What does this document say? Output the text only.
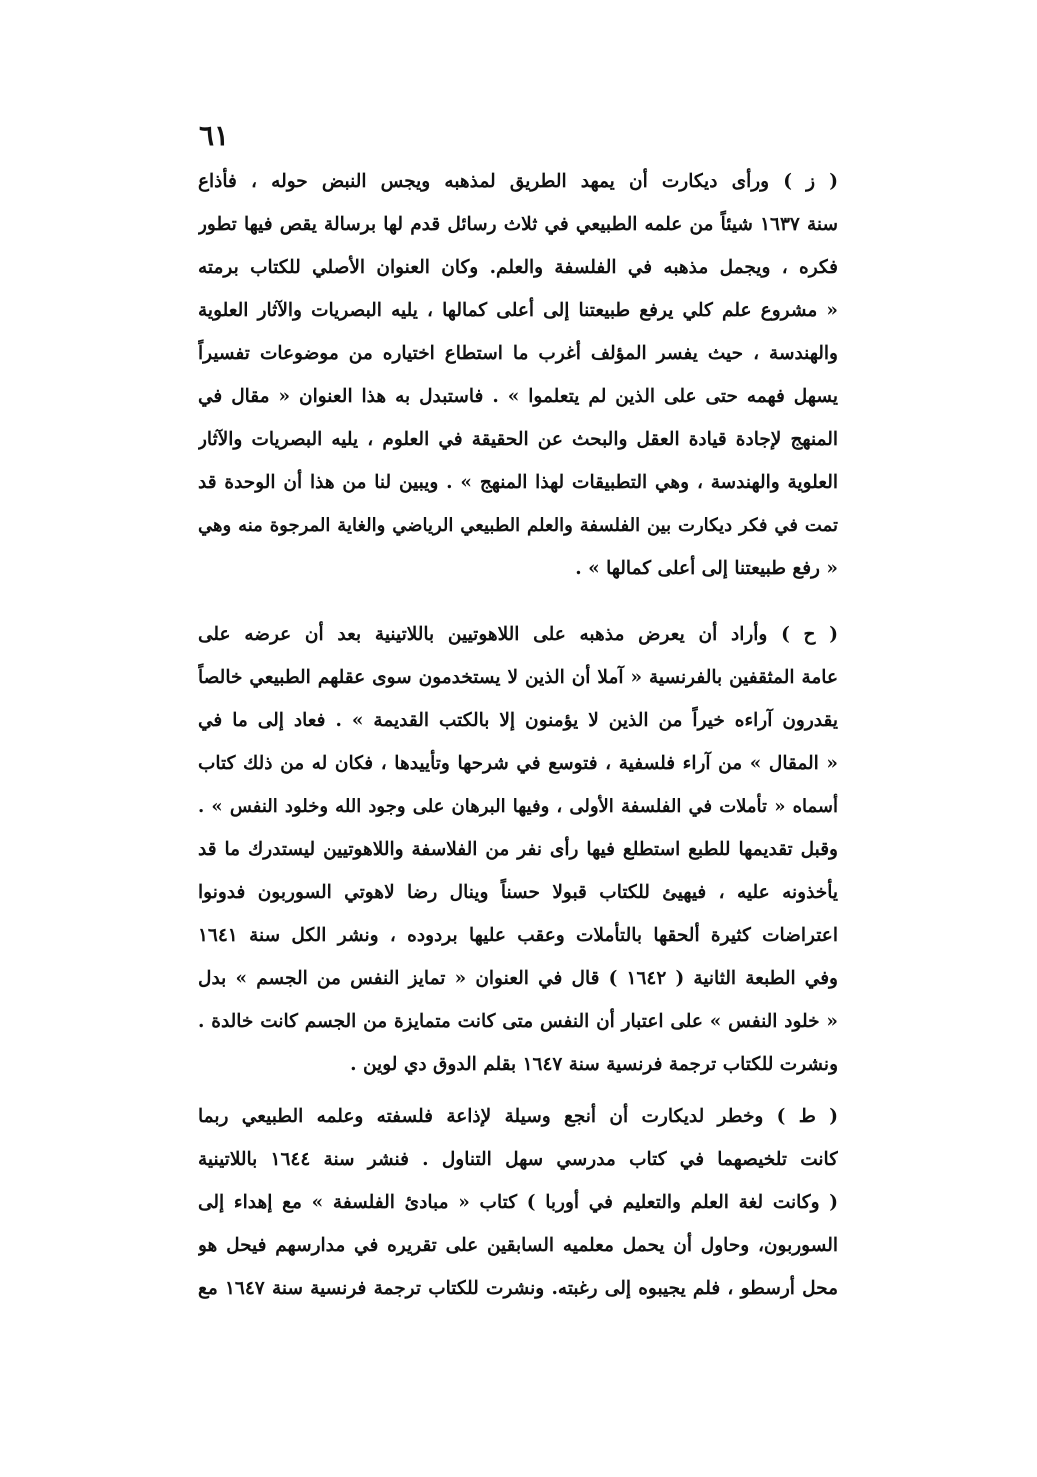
٦١
( ز ) ورأى ديكارت أن يمهد الطريق لمذهبه ويجس النبض حوله ، فأذاع
سنة ١٦٣٧ شيئاً من علمه الطبيعي في ثلاث رسائل قدم لها برسالة يقص فيها تطور
فكره ، ويجمل مذهبه في الفلسفة والعلم. وكان العنوان الأصلي للكتاب برمته
« مشروع علم كلي يرفع طبيعتنا إلى أعلى كمالها ، يليه البصريات والآثار العلوية
والهندسة ، حيث يفسر المؤلف أغرب ما استطاع اختياره من موضوعات تفسيراً
يسهل فهمه حتى على الذين لم يتعلموا » . فاستبدل به هذا العنوان « مقال في
المنهج لإجادة قيادة العقل والبحث عن الحقيقة في العلوم ، يليه البصريات والآثار
العلوية والهندسة ، وهي التطبيقات لهذا المنهج » . ويبين لنا من هذا أن الوحدة قد
تمت في فكر ديكارت بين الفلسفة والعلم الطبيعي الرياضي والغاية المرجوة منه وهي
« رفع طبيعتنا إلى أعلى كمالها » .
( ح ) وأراد أن يعرض مذهبه على اللاهوتيين باللاتينية بعد أن عرضه على
عامة المثقفين بالفرنسية « آملا أن الذين لا يستخدمون سوى عقلهم الطبيعي خالصاً
يقدرون آراءه خيراً من الذين لا يؤمنون إلا بالكتب القديمة » . فعاد إلى ما في
« المقال » من آراء فلسفية ، فتوسع في شرحها وتأييدها ، فكان له من ذلك كتاب
أسماه « تأملات في الفلسفة الأولى ، وفيها البرهان على وجود الله وخلود النفس » .
وقبل تقديمها للطبع استطلع فيها رأى نفر من الفلاسفة واللاهوتيين ليستدرك ما قد
يأخذونه عليه ، فيهيئ للكتاب قبولا حسناً وينال رضا لاهوتي السوربون فدونوا
اعتراضات كثيرة ألحقها بالتأملات وعقب عليها بردوده ، ونشر الكل سنة ١٦٤١
وفي الطبعة الثانية ( ١٦٤٢ ) قال في العنوان « تمايز النفس من الجسم » بدل
« خلود النفس » على اعتبار أن النفس متى كانت متمايزة من الجسم كانت خالدة .
ونشرت للكتاب ترجمة فرنسية سنة ١٦٤٧ بقلم الدوق دي لوين .
( ط ) وخطر لديكارت أن أنجع وسيلة لإذاعة فلسفته وعلمه الطبيعي ربما
كانت تلخيصهما في كتاب مدرسي سهل التناول . فنشر سنة ١٦٤٤ باللاتينية
( وكانت لغة العلم والتعليم في أوربا ) كتاب « مبادئ الفلسفة » مع إهداء إلى
السوربون، وحاول أن يحمل معلميه السابقين على تقريره في مدارسهم فيحل هو
محل أرسطو ، فلم يجيبوه إلى رغبته. ونشرت للكتاب ترجمة فرنسية سنة ١٦٤٧ مع
